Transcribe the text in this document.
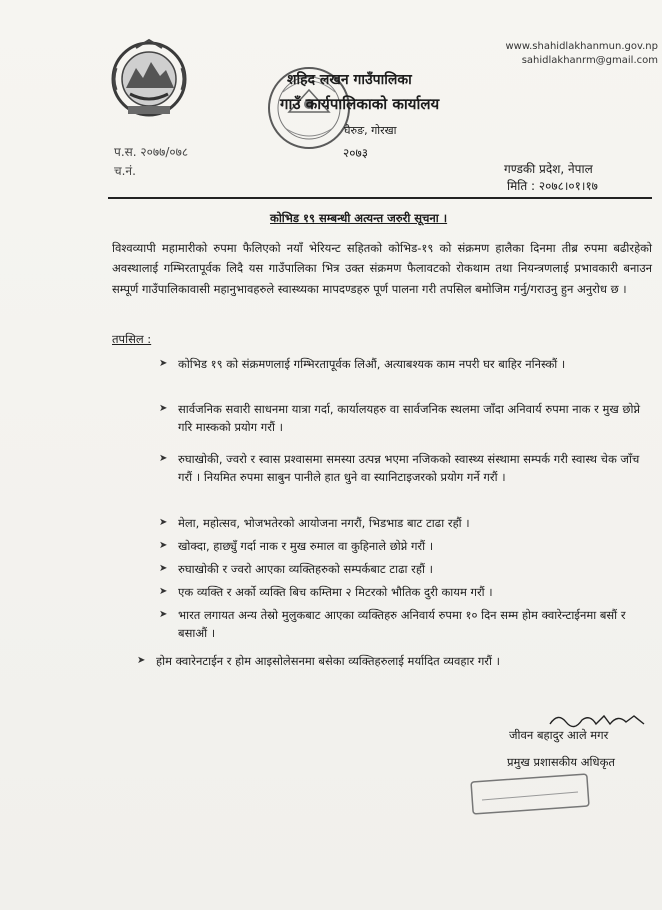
www.shahidlakhanmun.gov.np
sahidlakhanrm@gmail.com
शहिद लखन गाउँपालिका
गाउँ कार्यपालिकाको कार्यालय
घैरुङ, गोरखा
२०७३
प.स. २०७७/०७८
च.नं.	गण्डकी प्रदेश, नेपाल
मिति : २०७८।०१।१७
कोभिड १९ सम्बन्धी अत्यन्त जरुरी सूचना ।
विश्वव्यापी महामारीको रुपमा फैलिएको नयाँ भेरियन्ट सहितको कोभिड-१९ को संक्रमण हालैका दिनमा तीब्र रुपमा बढीरहेको अवस्थालाई गम्भिरतापूर्वक लिदै यस गाउँपालिका भित्र उक्त संक्रमण फैलावटको रोकथाम तथा नियन्त्रणलाई प्रभावकारी बनाउन सम्पूर्ण गाउँपालिकावासी महानुभावहरुले स्वास्थ्यका मापदण्डहरु पूर्ण पालना गरी तपसिल बमोजिम गर्नु/गराउनु हुन अनुरोध छ ।
तपसिल :
➤ कोभिड १९ को संक्रमणलाई गम्भिरतापूर्वक लिऔं, अत्याबश्यक काम नपरी घर बाहिर ननिस्कौं ।
➤ सार्वजनिक सवारी साधनमा यात्रा गर्दा, कार्यालयहरु वा सार्वजनिक स्थलमा जाँदा अनिवार्य रुपमा नाक र मुख छोप्ने गरि मास्कको प्रयोग गरौं ।
➤ रुघाखोकी, ज्वरो र स्वास प्रश्वासमा समस्या उत्पन्न भएमा नजिकको स्वास्थ्य संस्थामा सम्पर्क गरी स्वास्थ चेक जाँच गरौं । नियमित रुपमा साबुन पानीले हात धुने वा स्यानिटाइजरको प्रयोग गर्ने गरौं ।
➤ मेला, महोत्सव, भोजभतेरको आयोजना नगरौं, भिडभाड बाट टाढा रहौं ।
➤ खोक्दा, हाछ्युँ गर्दा नाक र मुख रुमाल वा कुहिनाले छोप्ने गरौं ।
➤ रुघाखोकी र ज्वरो आएका व्यक्तिहरुको सम्पर्कबाट टाढा रहौं ।
➤ एक व्यक्ति र अर्को व्यक्ति बिच कम्तिमा २ मिटरको भौतिक दुरी कायम गरौं ।
➤ भारत लगायत अन्य तेस्रो मुलुकबाट आएका व्यक्तिहरु अनिवार्य रुपमा १० दिन सम्म होम क्वारेन्टाईनमा बसौं र बसाऔं ।
➤ होम क्वारेनटाईन र होम आइसोलेसनमा बसेका व्यक्तिहरुलाई मर्यादित व्यवहार गरौं ।
जीवन बहादुर आले मगर
प्रमुख प्रशासकीय अधिकृत
